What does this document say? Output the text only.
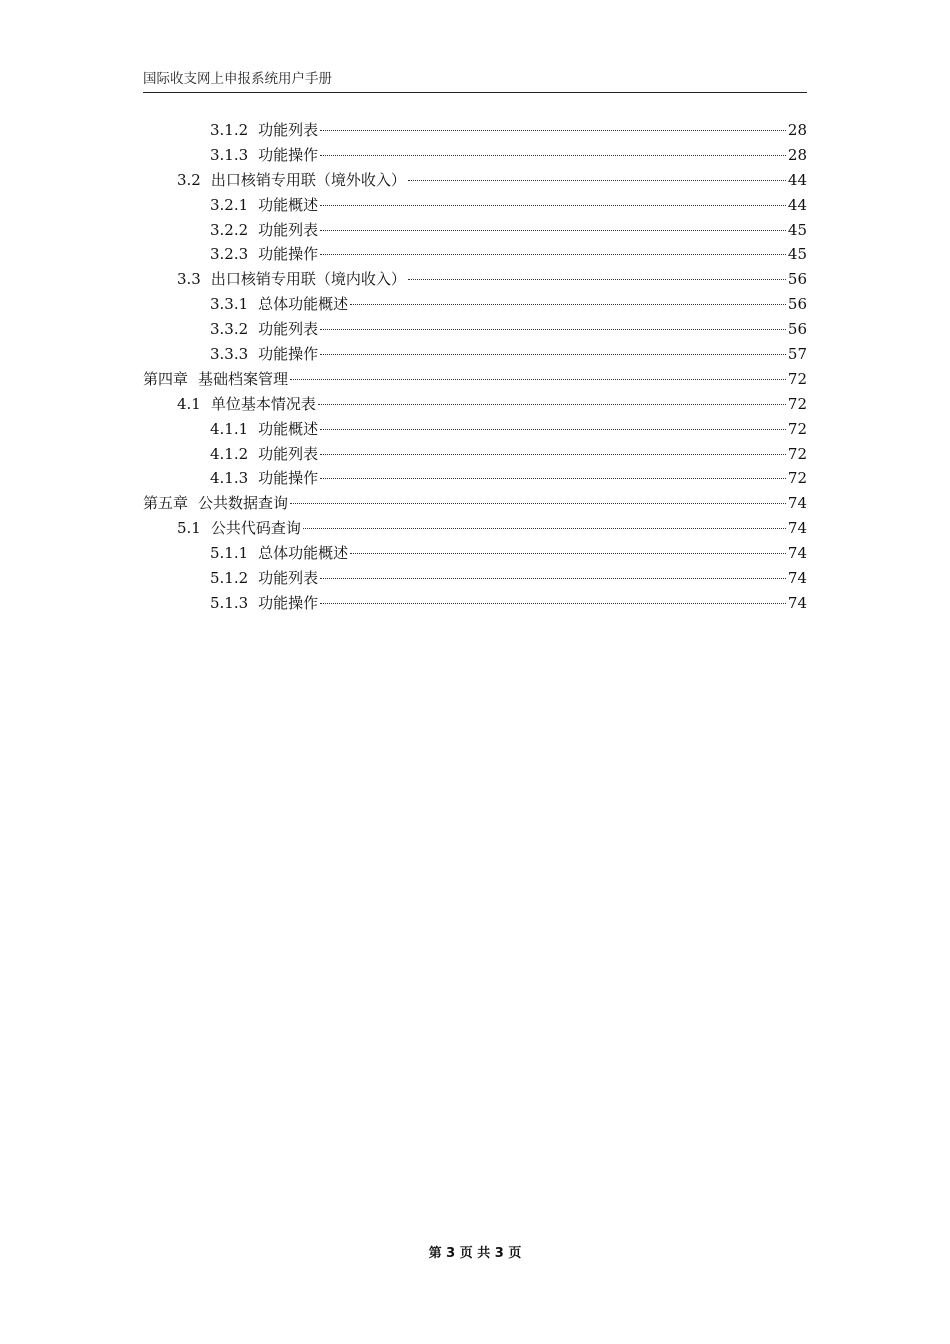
国际收支网上申报系统用户手册
3.1.2 功能列表	28
3.1.3 功能操作	28
3.2 出口核销专用联（境外收入）	44
3.2.1 功能概述	44
3.2.2 功能列表	45
3.2.3 功能操作	45
3.3 出口核销专用联（境内收入）	56
3.3.1 总体功能概述	56
3.3.2 功能列表	56
3.3.3 功能操作	57
第四章 基础档案管理	72
4.1 单位基本情况表	72
4.1.1 功能概述	72
4.1.2 功能列表	72
4.1.3 功能操作	72
第五章 公共数据查询	74
5.1 公共代码查询	74
5.1.1 总体功能概述	74
5.1.2 功能列表	74
5.1.3 功能操作	74
第 3 页 共 3 页
